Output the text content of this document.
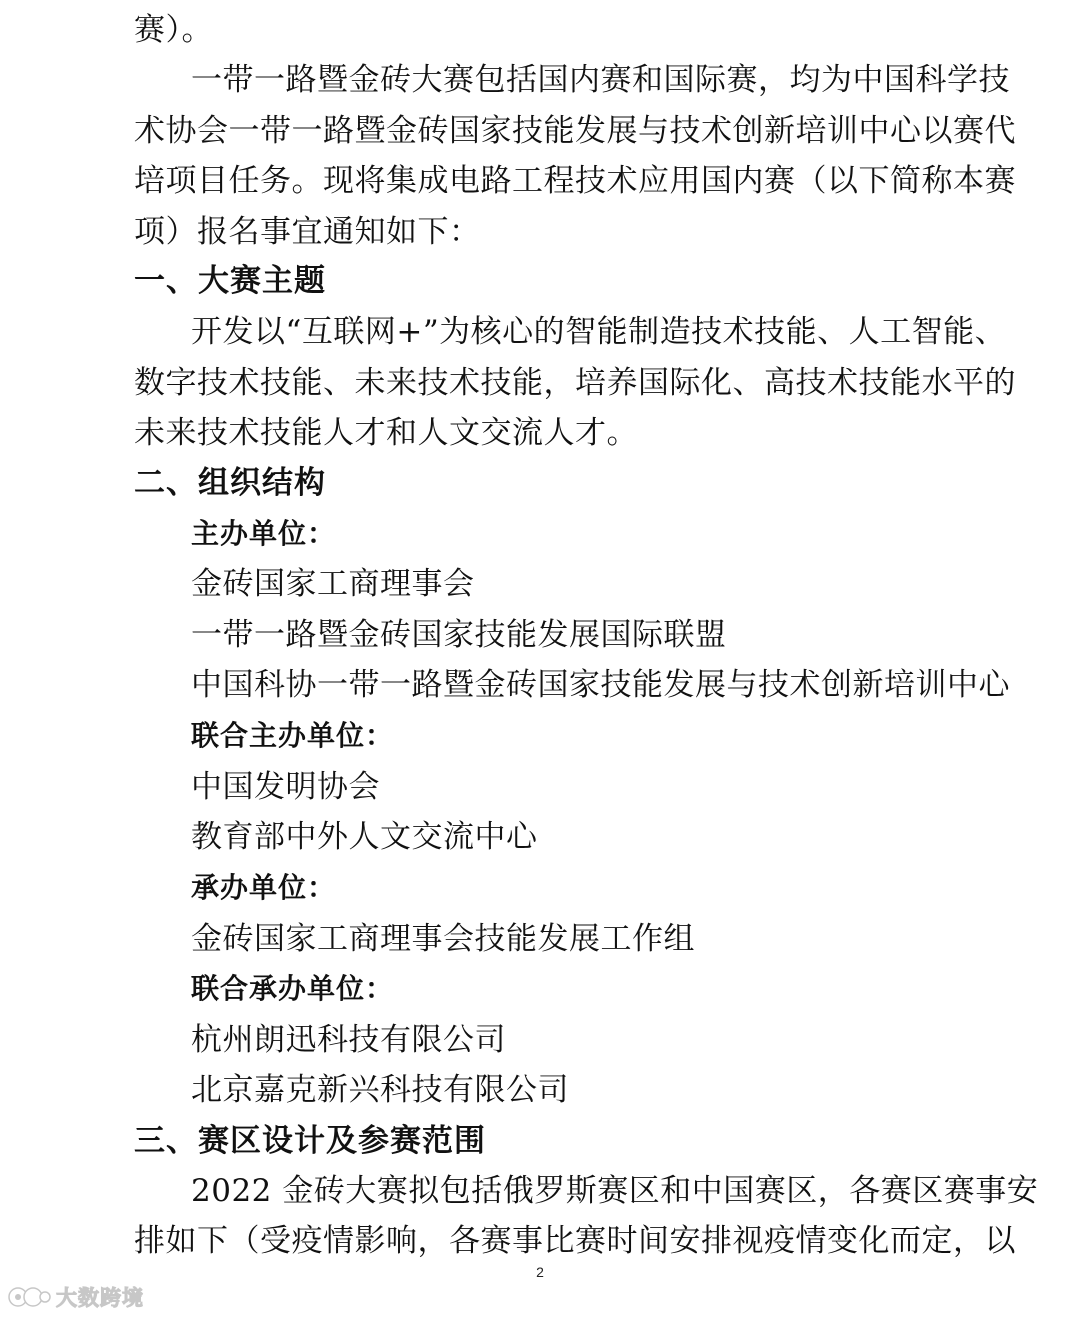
赛）。
一带一路暨金砖大赛包括国内赛和国际赛，均为中国科学技
术协会一带一路暨金砖国家技能发展与技术创新培训中心以赛代
培项目任务。现将集成电路工程技术应用国内赛（以下简称本赛
项）报名事宜通知如下：
一、大赛主题
开发以“互联网+”为核心的智能制造技术技能、人工智能、
数字技术技能、未来技术技能，培养国际化、高技术技能水平的
未来技术技能人才和人文交流人才。
二、组织结构
主办单位：
金砖国家工商理事会
一带一路暨金砖国家技能发展国际联盟
中国科协一带一路暨金砖国家技能发展与技术创新培训中心
联合主办单位：
中国发明协会
教育部中外人文交流中心
承办单位：
金砖国家工商理事会技能发展工作组
联合承办单位：
杭州朗迅科技有限公司
北京嘉克新兴科技有限公司
三、赛区设计及参赛范围
2022 金砖大赛拟包括俄罗斯赛区和中国赛区，各赛区赛事安
排如下（受疫情影响，各赛事比赛时间安排视疫情变化而定，以
2
大数跨境
